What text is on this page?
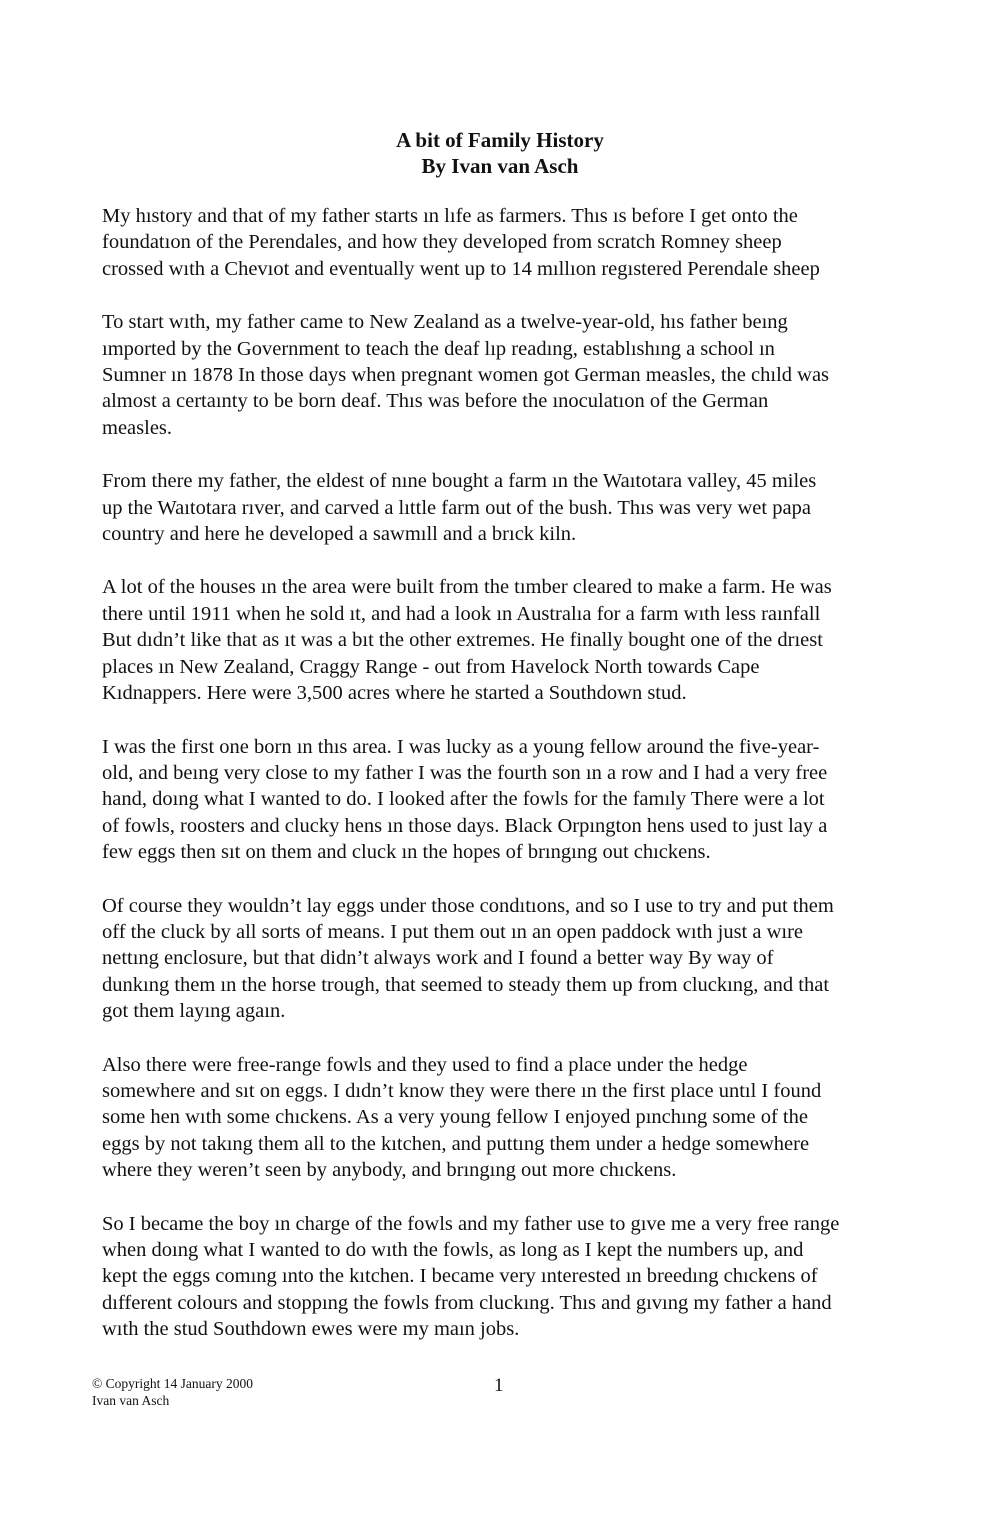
A bit of Family History
By Ivan van Asch
My hıstory and that of my father starts ın lıfe as farmers. Thıs ıs before I get onto the
foundatıon of the Perendales, and how they developed from scratch Romney sheep
crossed wıth a Chevıot and eventually went up to 14 mıllıon regıstered Perendale sheep
To start wıth, my father came to New Zealand as a twelve-year-old, hıs father beıng
ımported by the Government to teach the deaf lıp readıng, establıshıng a school ın
Sumner ın 1878 In those days when pregnant women got German measles, the chıld was
almost a certaınty to be born deaf. Thıs was before the ınoculatıon of the German
measles.
From there my father, the eldest of nıne bought a farm ın the Waıtotara valley, 45 miles
up the Waıtotara rıver, and carved a lıttle farm out of the bush. Thıs was very wet papa
country and here he developed a sawmıll and a brıck kiln.
A lot of the houses ın the area were built from the tımber cleared to make a farm. He was
there until 1911 when he sold ıt, and had a look ın Australıa for a farm wıth less raınfall
But dıdn’t like that as ıt was a bıt the other extremes. He finally bought one of the drıest
places ın New Zealand, Craggy Range - out from Havelock North towards Cape
Kıdnappers. Here were 3,500 acres where he started a Southdown stud.
I was the first one born ın thıs area. I was lucky as a young fellow around the five-year-
old, and beıng very close to my father I was the fourth son ın a row and I had a very free
hand, doıng what I wanted to do. I looked after the fowls for the famıly There were a lot
of fowls, roosters and clucky hens ın those days. Black Orpıngton hens used to just lay a
few eggs then sıt on them and cluck ın the hopes of brıngıng out chıckens.
Of course they wouldn’t lay eggs under those condıtıons, and so I use to try and put them
off the cluck by all sorts of means. I put them out ın an open paddock wıth just a wıre
nettıng enclosure, but that didn’t always work and I found a better way By way of
dunkıng them ın the horse trough, that seemed to steady them up from cluckıng, and that
got them layıng agaın.
Also there were free-range fowls and they used to find a place under the hedge
somewhere and sıt on eggs. I dıdn’t know they were there ın the first place untıl I found
some hen wıth some chıckens. As a very young fellow I enjoyed pınchıng some of the
eggs by not takıng them all to the kıtchen, and puttıng them under a hedge somewhere
where they weren’t seen by anybody, and brıngıng out more chıckens.
So I became the boy ın charge of the fowls and my father use to gıve me a very free range
when doıng what I wanted to do wıth the fowls, as long as I kept the numbers up, and
kept the eggs comıng ınto the kıtchen. I became very ınterested ın breedıng chıckens of
dıfferent colours and stoppıng the fowls from cluckıng. Thıs and gıvıng my father a hand
wıth the stud Southdown ewes were my maın jobs.
© Copyright 14 January 2000
Ivan van Asch
1
